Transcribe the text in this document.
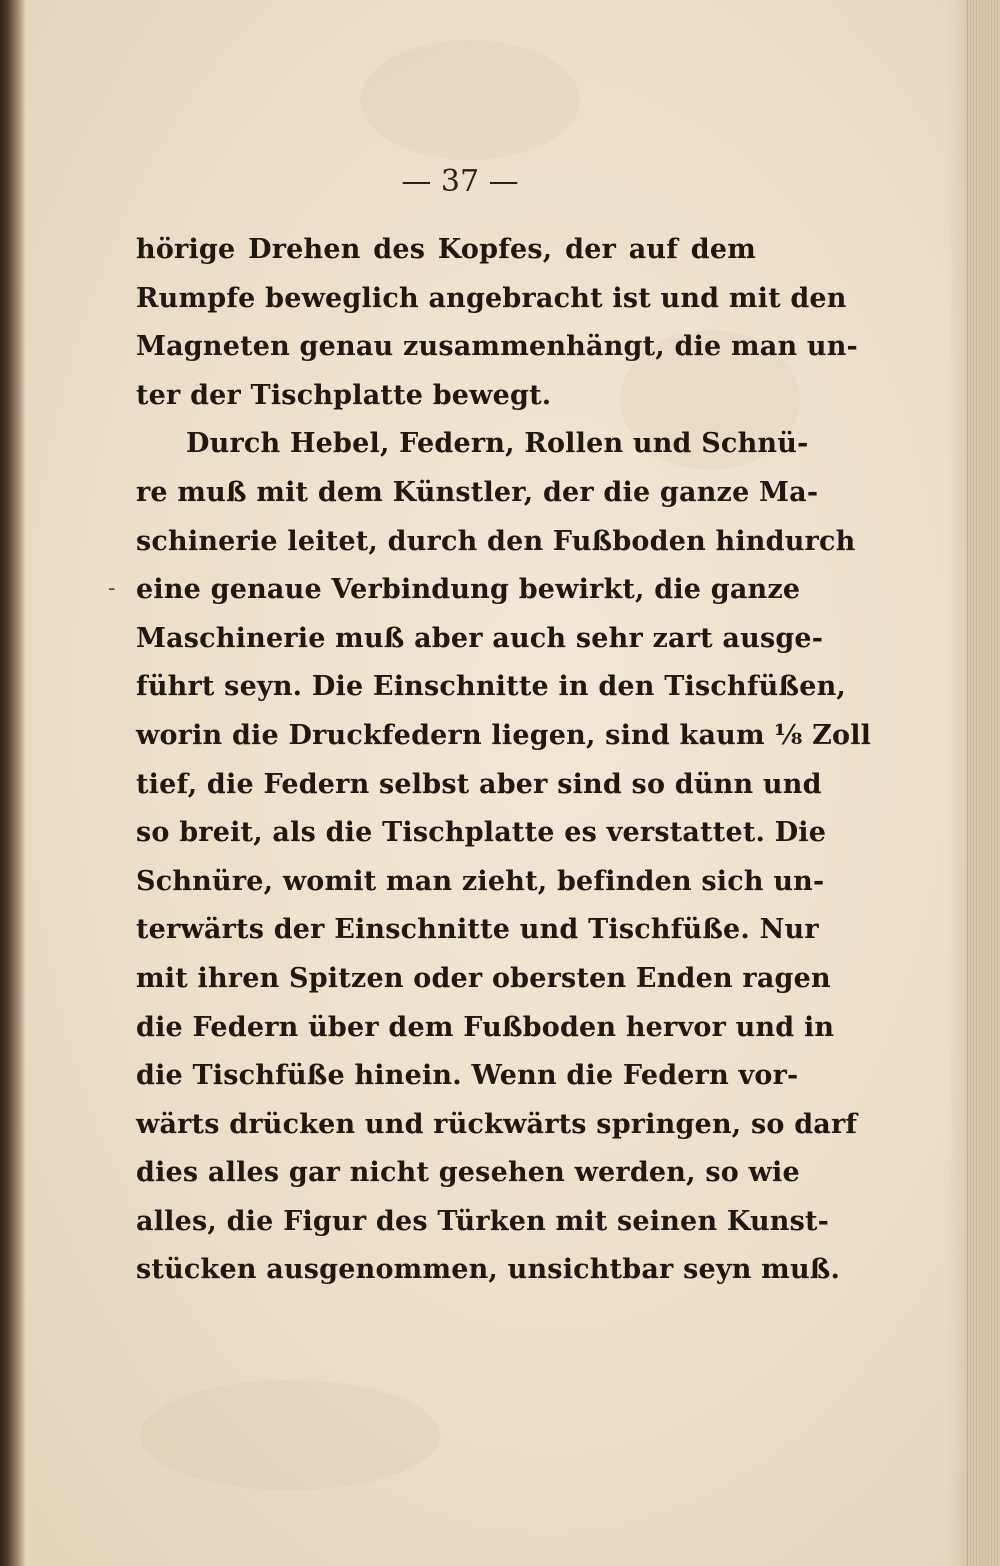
— 37 —
-
hörige Drehen des Kopfes, der auf dem
Rumpfe beweglich angebracht ist und mit den
Magneten genau zusammenhängt, die man un-
ter der Tischplatte bewegt.
Durch Hebel, Federn, Rollen und Schnü-
re muß mit dem Künstler, der die ganze Ma-
schinerie leitet, durch den Fußboden hindurch
eine genaue Verbindung bewirkt, die ganze
Maschinerie muß aber auch sehr zart ausge-
führt seyn. Die Einschnitte in den Tischfüßen,
worin die Druckfedern liegen, sind kaum ⅛ Zoll
tief, die Federn selbst aber sind so dünn und
so breit, als die Tischplatte es verstattet. Die
Schnüre, womit man zieht, befinden sich un-
terwärts der Einschnitte und Tischfüße. Nur
mit ihren Spitzen oder obersten Enden ragen
die Federn über dem Fußboden hervor und in
die Tischfüße hinein. Wenn die Federn vor-
wärts drücken und rückwärts springen, so darf
dies alles gar nicht gesehen werden, so wie
alles, die Figur des Türken mit seinen Kunst-
stücken ausgenommen, unsichtbar seyn muß.
